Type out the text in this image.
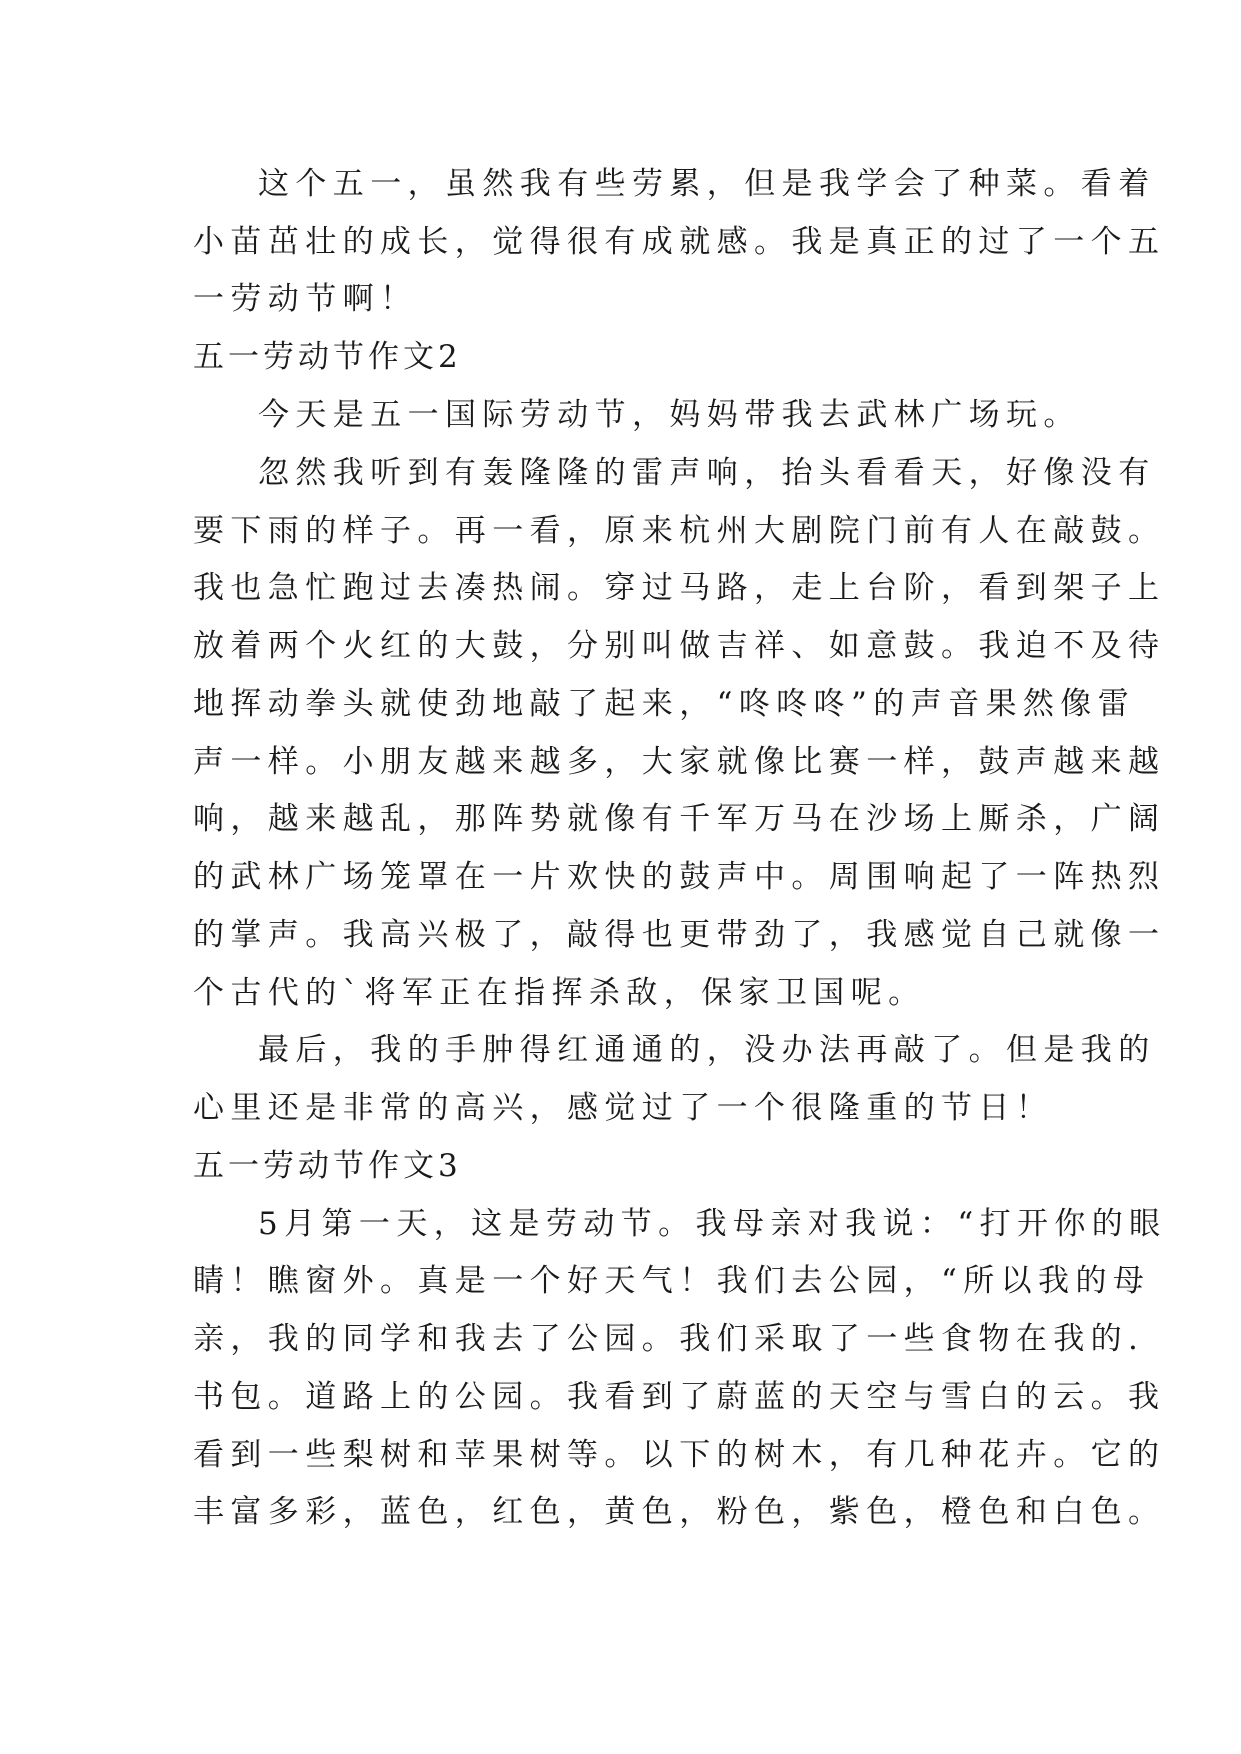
这个五一，虽然我有些劳累，但是我学会了种菜。看着
小苗茁壮的成长，觉得很有成就感。我是真正的过了一个五
一劳动节啊！
五一劳动节作文2
今天是五一国际劳动节，妈妈带我去武林广场玩。
忽然我听到有轰隆隆的雷声响，抬头看看天，好像没有
要下雨的样子。再一看，原来杭州大剧院门前有人在敲鼓。
我也急忙跑过去凑热闹。穿过马路，走上台阶，看到架子上
放着两个火红的大鼓，分别叫做吉祥、如意鼓。我迫不及待
地挥动拳头就使劲地敲了起来，“咚咚咚”的声音果然像雷
声一样。小朋友越来越多，大家就像比赛一样，鼓声越来越
响，越来越乱，那阵势就像有千军万马在沙场上厮杀，广阔
的武林广场笼罩在一片欢快的鼓声中。周围响起了一阵热烈
的掌声。我高兴极了，敲得也更带劲了，我感觉自己就像一
个古代的`将军正在指挥杀敌，保家卫国呢。
最后，我的手肿得红通通的，没办法再敲了。但是我的
心里还是非常的高兴，感觉过了一个很隆重的节日！
五一劳动节作文3
5月第一天，这是劳动节。我母亲对我说：“打开你的眼
睛！瞧窗外。真是一个好天气！我们去公园，“所以我的母
亲，我的同学和我去了公园。我们采取了一些食物在我的.
书包。道路上的公园。我看到了蔚蓝的天空与雪白的云。我
看到一些梨树和苹果树等。以下的树木，有几种花卉。它的
丰富多彩，蓝色，红色，黄色，粉色，紫色，橙色和白色。
